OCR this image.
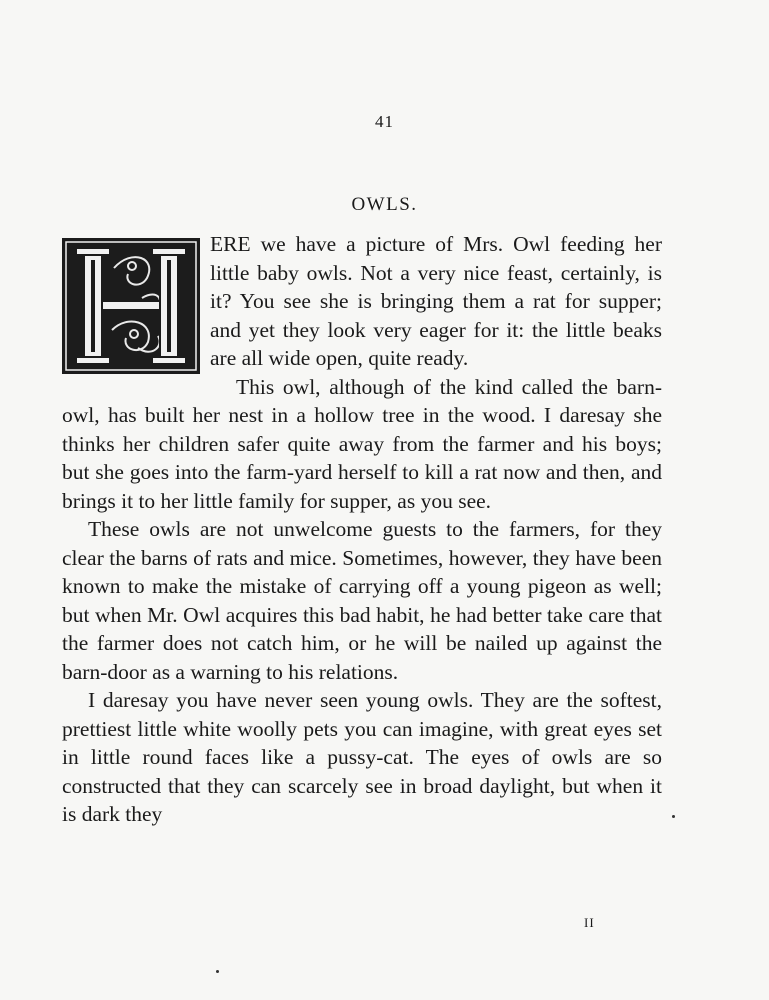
41
OWLS.

ERE we have a picture of Mrs. Owl feeding her little baby owls. Not a very nice feast, certainly, is it? You see she is bringing them a rat for supper; and yet they look very eager for it: the little beaks are all wide open, quite ready.

This owl, although of the kind called the barn-owl, has built her nest in a hollow tree in the wood. I daresay she thinks her children safer quite away from the farmer and his boys; but she goes into the farm-yard herself to kill a rat now and then, and brings it to her little family for supper, as you see.

These owls are not unwelcome guests to the farmers, for they clear the barns of rats and mice. Sometimes, however, they have been known to make the mistake of carrying off a young pigeon as well; but when Mr. Owl acquires this bad habit, he had better take care that the farmer does not catch him, or he will be nailed up against the barn-door as a warning to his relations.

I daresay you have never seen young owls. They are the softest, prettiest little white woolly pets you can imagine, with great eyes set in little round faces like a pussy-cat. The eyes of owls are so constructed that they can scarcely see in broad daylight, but when it is dark they

II
